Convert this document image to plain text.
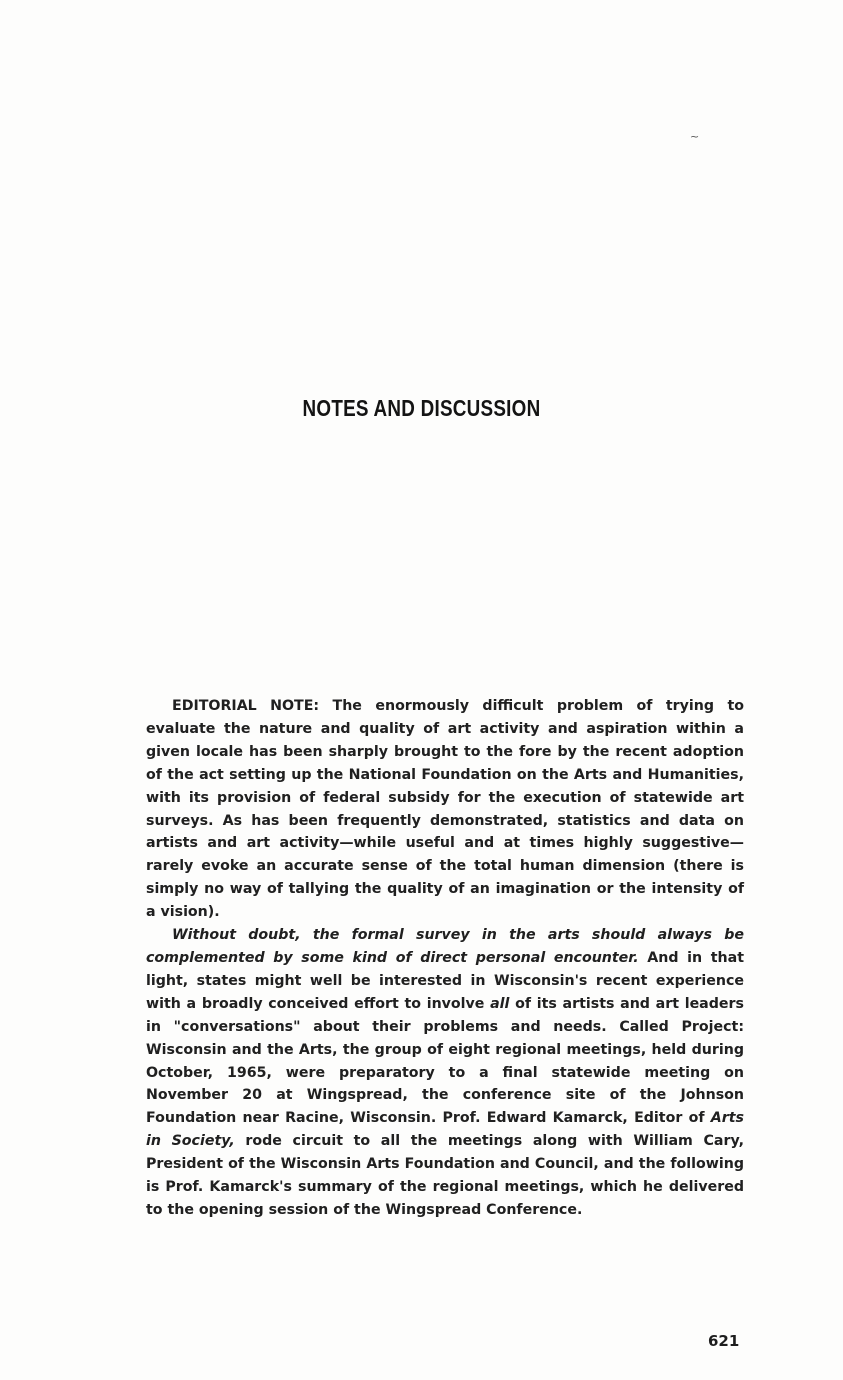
~
NOTES AND DISCUSSION

EDITORIAL NOTE: The enormously difficult problem of trying to evaluate the nature and quality of art activity and aspiration within a given locale has been sharply brought to the fore by the recent adoption of the act setting up the National Foundation on the Arts and Humanities, with its provision of federal subsidy for the execution of statewide art surveys. As has been frequently demonstrated, statistics and data on artists and art activity—while useful and at times highly suggestive—rarely evoke an accurate sense of the total human dimension (there is simply no way of tallying the quality of an imagination or the intensity of a vision).

Without doubt, the formal survey in the arts should always be complemented by some kind of direct personal encounter. And in that light, states might well be interested in Wisconsin's recent experience with a broadly conceived effort to involve all of its artists and art leaders in "conversations" about their problems and needs. Called Project: Wisconsin and the Arts, the group of eight regional meetings, held during October, 1965, were preparatory to a final statewide meeting on November 20 at Wingspread, the conference site of the Johnson Foundation near Racine, Wisconsin. Prof. Edward Kamarck, Editor of Arts in Society, rode circuit to all the meetings along with William Cary, President of the Wisconsin Arts Foundation and Council, and the following is Prof. Kamarck's summary of the regional meetings, which he delivered to the opening session of the Wingspread Conference.

621
